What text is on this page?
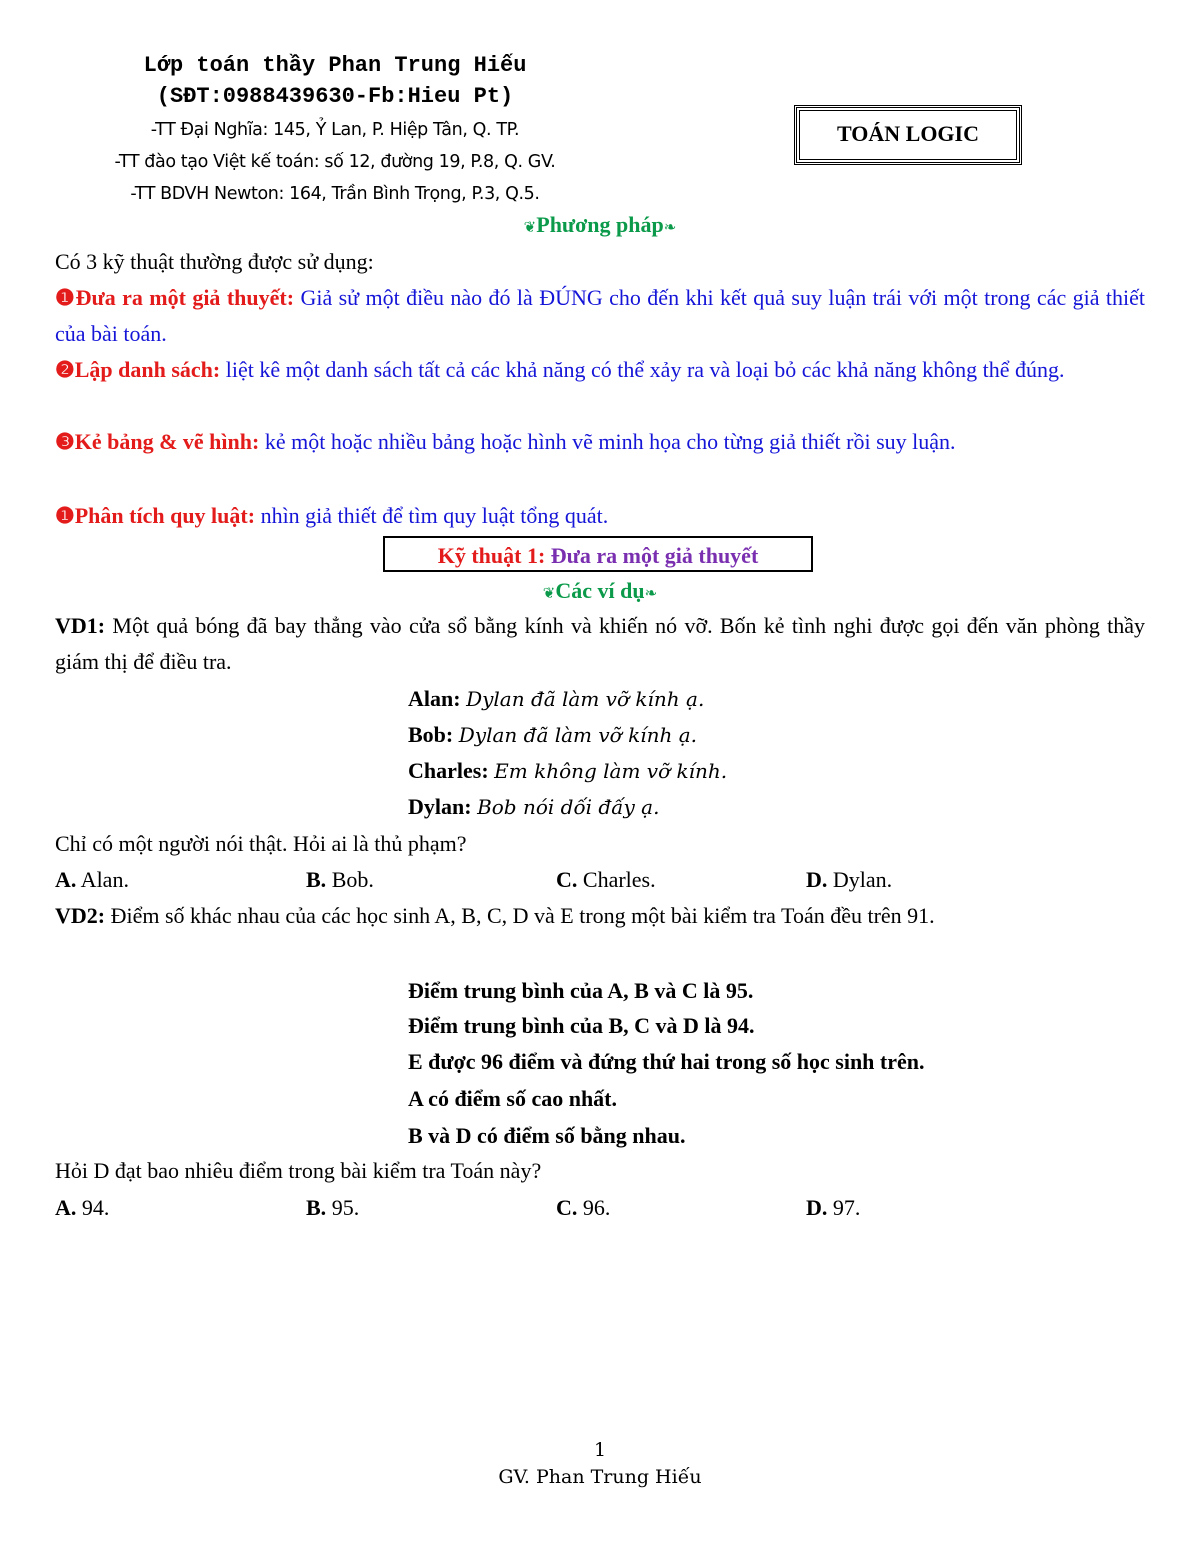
Lớp toán thầy Phan Trung Hiếu
(SĐT:0988439630-Fb:Hieu Pt)
-TT Đại Nghĩa: 145, Ỷ Lan, P. Hiệp Tân, Q. TP.
-TT đào tạo Việt kế toán: số 12, đường 19, P.8, Q. GV.
-TT BDVH Newton: 164, Trần Bình Trọng, P.3, Q.5.
TOÁN LOGIC
❦Phương pháp❧
Có 3 kỹ thuật thường được sử dụng:
❶Đưa ra một giả thuyết: Giả sử một điều nào đó là ĐÚNG cho đến khi kết quả suy luận trái với một trong các giả thiết của bài toán.
❷Lập danh sách: liệt kê một danh sách tất cả các khả năng có thể xảy ra và loại bỏ các khả năng không thể đúng.
❸Kẻ bảng & vẽ hình: kẻ một hoặc nhiều bảng hoặc hình vẽ minh họa cho từng giả thiết rồi suy luận.
❶Phân tích quy luật: nhìn giả thiết để tìm quy luật tổng quát.
Kỹ thuật 1: Đưa ra một giả thuyết
❦Các ví dụ❧
VD1: Một quả bóng đã bay thẳng vào cửa sổ bằng kính và khiến nó vỡ. Bốn kẻ tình nghi được gọi đến văn phòng thầy giám thị để điều tra.
Alan: Dylan đã làm vỡ kính ạ.
Bob: Dylan đã làm vỡ kính ạ.
Charles: Em không làm vỡ kính.
Dylan: Bob nói dối đấy ạ.
Chỉ có một người nói thật. Hỏi ai là thủ phạm?
A. Alan.	B. Bob.	C. Charles.	D. Dylan.
VD2: Điểm số khác nhau của các học sinh A, B, C, D và E trong một bài kiểm tra Toán đều trên 91.
Điểm trung bình của A, B và C là 95.
Điểm trung bình của B, C và D là 94.
E được 96 điểm và đứng thứ hai trong số học sinh trên.
A có điểm số cao nhất.
B và D có điểm số bằng nhau.
Hỏi D đạt bao nhiêu điểm trong bài kiểm tra Toán này?
A. 94.	B. 95.	C. 96.	D. 97.
1
GV. Phan Trung Hiếu
